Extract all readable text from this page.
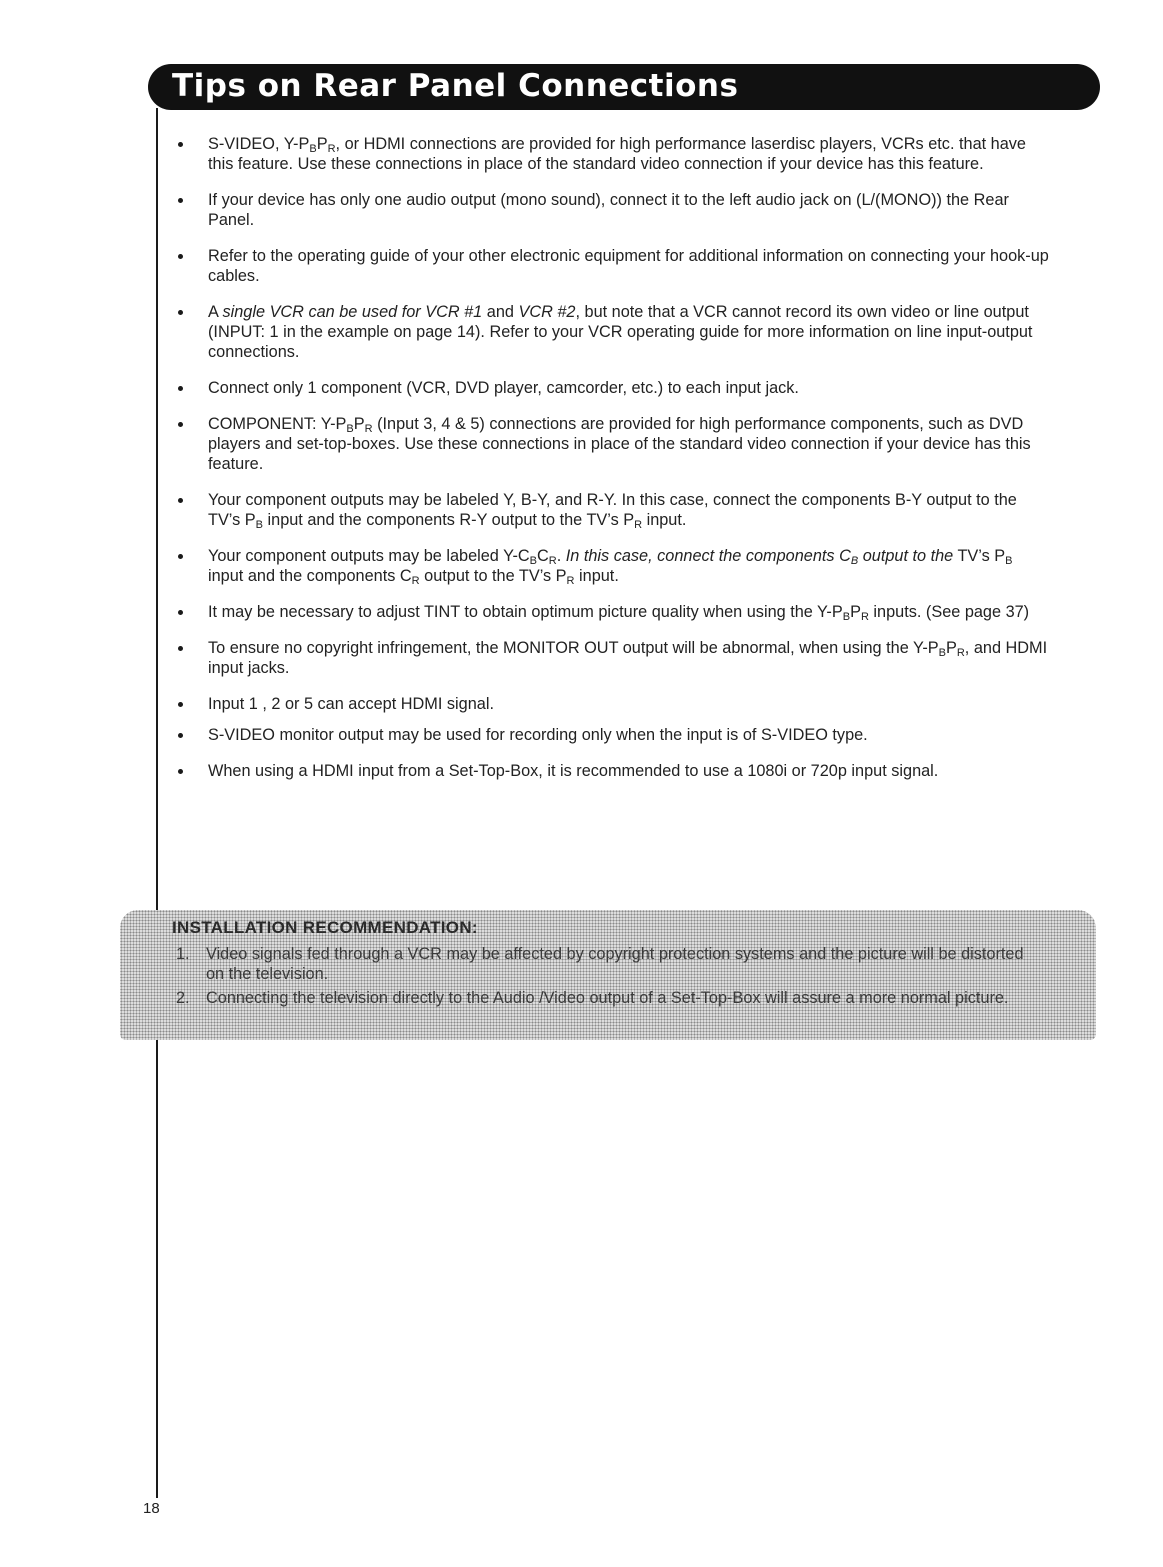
Tips on Rear Panel Connections
S-VIDEO, $Y-P_BP_R$, or HDMI connections are provided for high performance laserdisc players, VCRs etc. that have this feature. Use these connections in place of the standard video connection if your device has this feature.
If your device has only one audio output (mono sound), connect it to the left audio jack on (L/(MONO)) the Rear Panel.
Refer to the operating guide of your other electronic equipment for additional information on connecting your hook-up cables.
A single VCR can be used for VCR #1 and VCR #2, but note that a VCR cannot record its own video or line output (INPUT: 1 in the example on page 14). Refer to your VCR operating guide for more information on line input-output connections.
Connect only 1 component (VCR, DVD player, camcorder, etc.) to each input jack.
COMPONENT: $Y-P_BP_R$ (Input 3, 4 & 5) connections are provided for high performance components, such as DVD players and set-top-boxes. Use these connections in place of the standard video connection if your device has this feature.
Your component outputs may be labeled Y, B-Y, and R-Y. In this case, connect the components B-Y output to the TV’s $P_B$ input and the components R-Y output to the TV’s $P_R$ input.
Your component outputs may be labeled $Y-C_BC_R$. In this case, connect the components $C_B$ output to the TV’s $P_B$ input and the components $C_R$ output to the TV’s $P_R$ input.
It may be necessary to adjust TINT to obtain optimum picture quality when using the $Y-P_BP_R$ inputs. (See page 37)
To ensure no copyright infringement, the MONITOR OUT output will be abnormal, when using the $Y-P_BP_R$, and HDMI input jacks.
Input 1 , 2 or 5 can accept HDMI signal.
S-VIDEO monitor output may be used for recording only when the input is of S-VIDEO type.
When using a HDMI input from a Set-Top-Box, it is recommended to use a 1080i or 720p input signal.
INSTALLATION RECOMMENDATION:
1.	Video signals fed through a VCR may be affected by copyright protection systems and the picture will be distorted on the television.
2.	Connecting the television directly to the Audio /Video output of a Set-Top-Box will assure a more normal picture.
18
